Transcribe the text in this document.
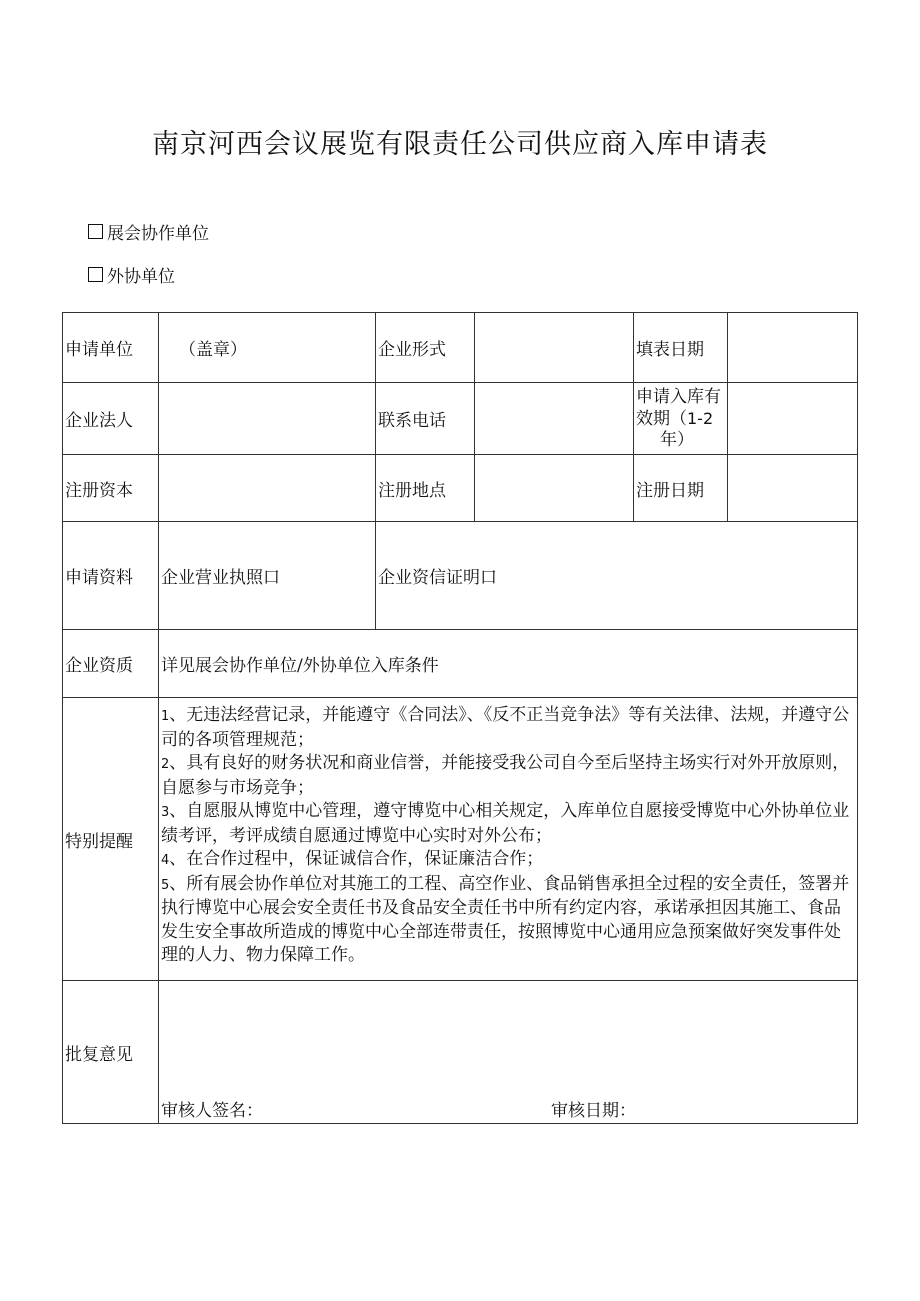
南京河西会议展览有限责任公司供应商入库申请表
展会协作单位
外协单位
申请单位	（盖章）	企业形式		填表日期	
企业法人		联系电话		申请入库有
效期（1-2
年）	
注册资本		注册地点		注册日期	
申请资料	企业营业执照口	企业资信证明口			
企业资质	详见展会协作单位/外协单位入库条件				
特别提醒	1、无违法经营记录，并能遵守《合同法》、《反不正当竞争法》等有关法律、法规，并遵守公司的各项管理规范；
2、具有良好的财务状况和商业信誉，并能接受我公司自今至后坚持主场实行对外开放原则，自愿参与市场竞争；
3、自愿服从博览中心管理，遵守博览中心相关规定，入库单位自愿接受博览中心外协单位业绩考评，考评成绩自愿通过博览中心实时对外公布；
4、在合作过程中，保证诚信合作，保证廉洁合作；
5、所有展会协作单位对其施工的工程、高空作业、食品销售承担全过程的安全责任，签署并执行博览中心展会安全责任书及食品安全责任书中所有约定内容，承诺承担因其施工、食品发生安全事故所造成的博览中心全部连带责任，按照博览中心通用应急预案做好突发事件处理的人力、物力保障工作。				

批复意见	审核人签名： 审核日期：				
